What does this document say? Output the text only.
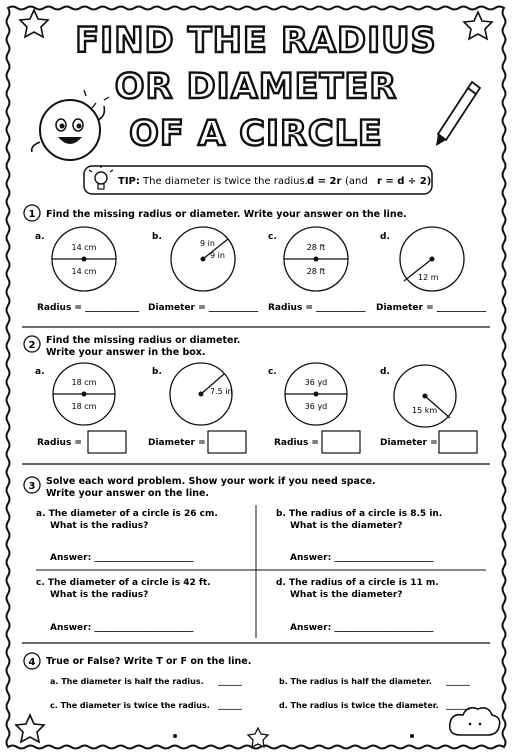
FIND THE RADIUS
OR DIAMETER
OF A CIRCLE
TIP: The diameter is twice the radius. d = 2r (and r = d ÷ 2)
1 Find the missing radius or diameter. Write your answer on the line.
a.
14 cm
14 cm
Radius = ____________
b.
9 in
9 in
Diameter = ___________
c.
28 ft
28 ft
Radius = ___________
d.
12 m
Diameter = ___________
2 Find the missing radius or diameter.
Write your answer in the box.
a.
18 cm
18 cm
Radius =
b.
7.5 in
Diameter =
c.
36 yd
36 yd
Radius =
d.
15 km
Diameter =
3 Solve each word problem. Show your work if you need space.
Write your answer on the line.
a. The diameter of a circle is 26 cm.
What is the radius?
Answer: ______________________
b. The radius of a circle is 8.5 in.
What is the diameter?
Answer: ______________________
c. The diameter of a circle is 42 ft.
What is the radius?
Answer: ______________________
d. The radius of a circle is 11 m.
What is the diameter?
Answer: ______________________
4 True or False? Write T or F on the line.
a. The diameter is half the radius. ______	b. The radius is half the diameter. ______
c. The diameter is twice the radius. ______	d. The radius is twice the diameter. ______
